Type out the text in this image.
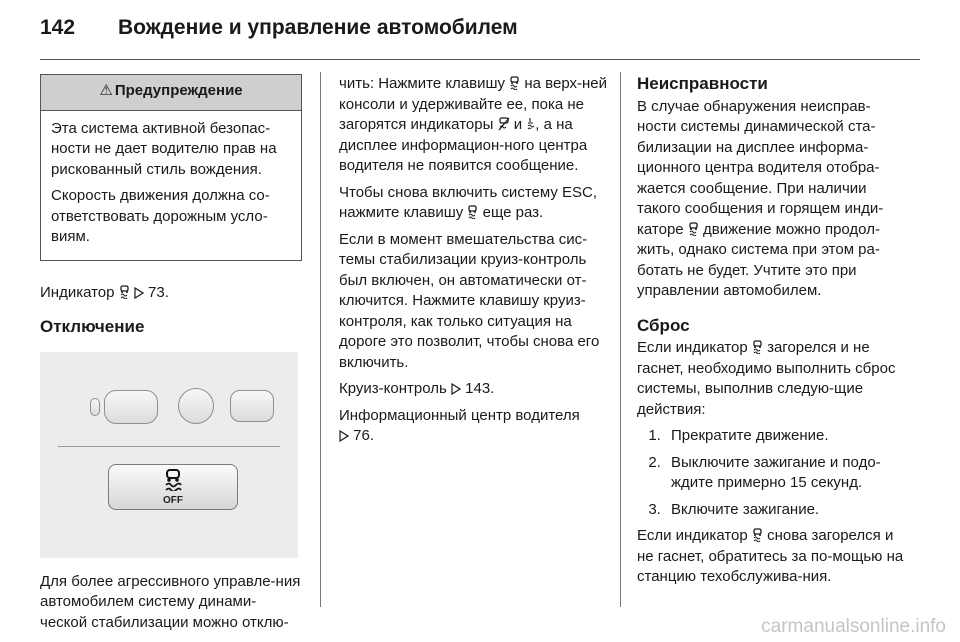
142 Вождение и управление автомобилем
⚠ Предупреждение

Эта система активной безопас-ности не дает водителю прав на рискованный стиль вождения.

Скорость движения должна со-ответствовать дорожным усло-виям.

Индикатор 73.

Отключение
OFF

Для более агрессивного управле-ния автомобилем систему динами-ческой стабилизации можно отклю-

чить: Нажмите клавишу на верх-ней консоли и удерживайте ее, пока не загорятся индикаторы и , а на дисплее информацион-ного центра водителя не появится сообщение.

Чтобы снова включить систему ESC, нажмите клавишу еще раз.

Если в момент вмешательства сис-темы стабилизации круиз-контроль был включен, он автоматически от-ключится. Нажмите клавишу круиз-контроля, как только ситуация на дороге это позволит, чтобы снова его включить.

Круиз-контроль 143.

Информационный центр водителя
76.

Неисправности

В случае обнаружения неисправ-ности системы динамической ста-билизации на дисплее информа-ционного центра водителя отобра-жается сообщение. При наличии такого сообщения и горящем инди-каторе движение можно продол-жить, однако система при этом ра-ботать не будет. Учтите это при управлении автомобилем.

Сброс

Если индикатор загорелся и не гаснет, необходимо выполнить сброс системы, выполнив следую-щие действия:

1. Прекратите движение.
2. Выключите зажигание и подо-ждите примерно 15 секунд.
3. Включите зажигание.

Если индикатор снова загорелся и не гаснет, обратитесь за по-мощью на станцию техобслужива-ния.

carmanualsonline.info
